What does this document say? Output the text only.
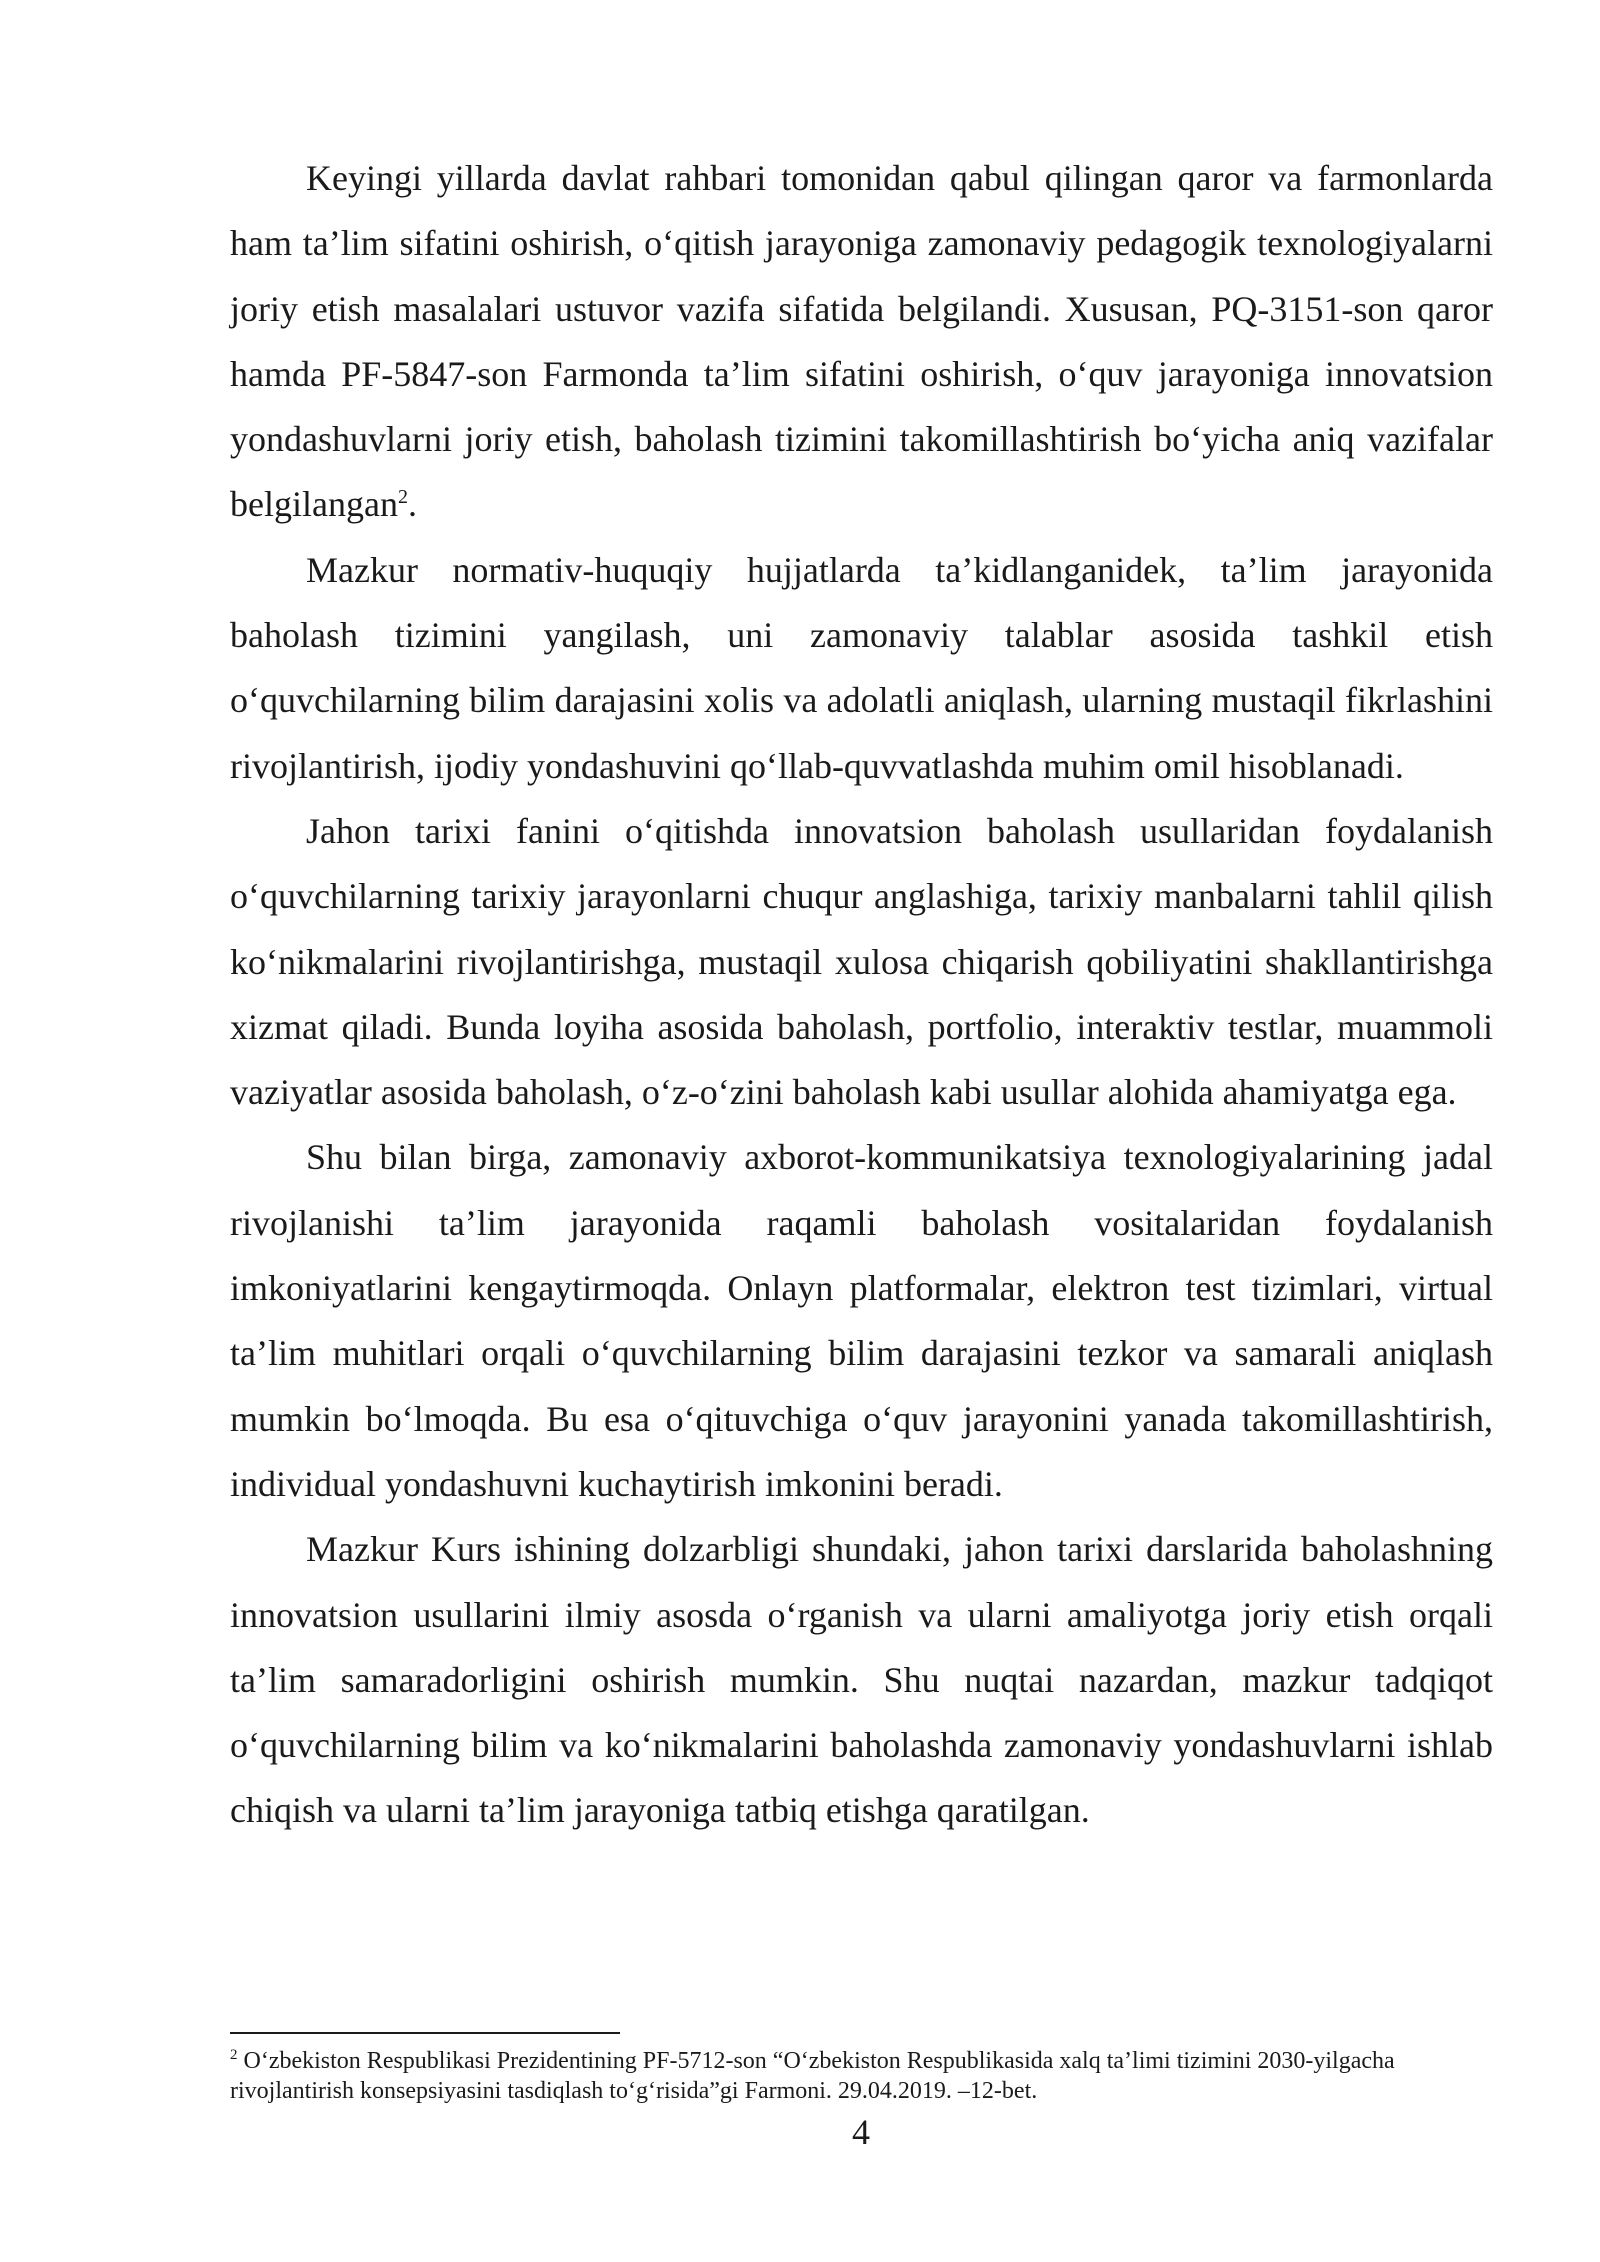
Keyingi yillarda davlat rahbari tomonidan qabul qilingan qaror va farmonlarda ham ta’lim sifatini oshirish, o‘qitish jarayoniga zamonaviy pedagogik texnologiyalarni joriy etish masalalari ustuvor vazifa sifatida belgilandi. Xususan, PQ-3151-son qaror hamda PF-5847-son Farmonda ta’lim sifatini oshirish, o‘quv jarayoniga innovatsion yondashuvlarni joriy etish, baholash tizimini takomillashtirish bo‘yicha aniq vazifalar belgilangan$^2$.

Mazkur normativ-huquqiy hujjatlarda ta’kidlanganidek, ta’lim jarayonida baholash tizimini yangilash, uni zamonaviy talablar asosida tashkil etish o‘quvchilarning bilim darajasini xolis va adolatli aniqlash, ularning mustaqil fikrlashini rivojlantirish, ijodiy yondashuvini qo‘llab-quvvatlashda muhim omil hisoblanadi.

Jahon tarixi fanini o‘qitishda innovatsion baholash usullaridan foydalanish o‘quvchilarning tarixiy jarayonlarni chuqur anglashiga, tarixiy manbalarni tahlil qilish ko‘nikmalarini rivojlantirishga, mustaqil xulosa chiqarish qobiliyatini shakllantirishga xizmat qiladi. Bunda loyiha asosida baholash, portfolio, interaktiv testlar, muammoli vaziyatlar asosida baholash, o‘z-o‘zini baholash kabi usullar alohida ahamiyatga ega.

Shu bilan birga, zamonaviy axborot-kommunikatsiya texnologiyalarining jadal rivojlanishi ta’lim jarayonida raqamli baholash vositalaridan foydalanish imkoniyatlarini kengaytirmoqda. Onlayn platformalar, elektron test tizimlari, virtual ta’lim muhitlari orqali o‘quvchilarning bilim darajasini tezkor va samarali aniqlash mumkin bo‘lmoqda. Bu esa o‘qituvchiga o‘quv jarayonini yanada takomillashtirish, individual yondashuvni kuchaytirish imkonini beradi.

Mazkur Kurs ishining dolzarbligi shundaki, jahon tarixi darslarida baholashning innovatsion usullarini ilmiy asosda o‘rganish va ularni amaliyotga joriy etish orqali ta’lim samaradorligini oshirish mumkin. Shu nuqtai nazardan, mazkur tadqiqot o‘quvchilarning bilim va ko‘nikmalarini baholashda zamonaviy yondashuvlarni ishlab chiqish va ularni ta’lim jarayoniga tatbiq etishga qaratilgan.

$^2$ O‘zbekiston Respublikasi Prezidentining PF-5712-son “O‘zbekiston Respublikasida xalq ta’limi tizimini 2030-yilgacha rivojlantirish konsepsiyasini tasdiqlash to‘g‘risida”gi Farmoni. 29.04.2019. –12-bet.

4
